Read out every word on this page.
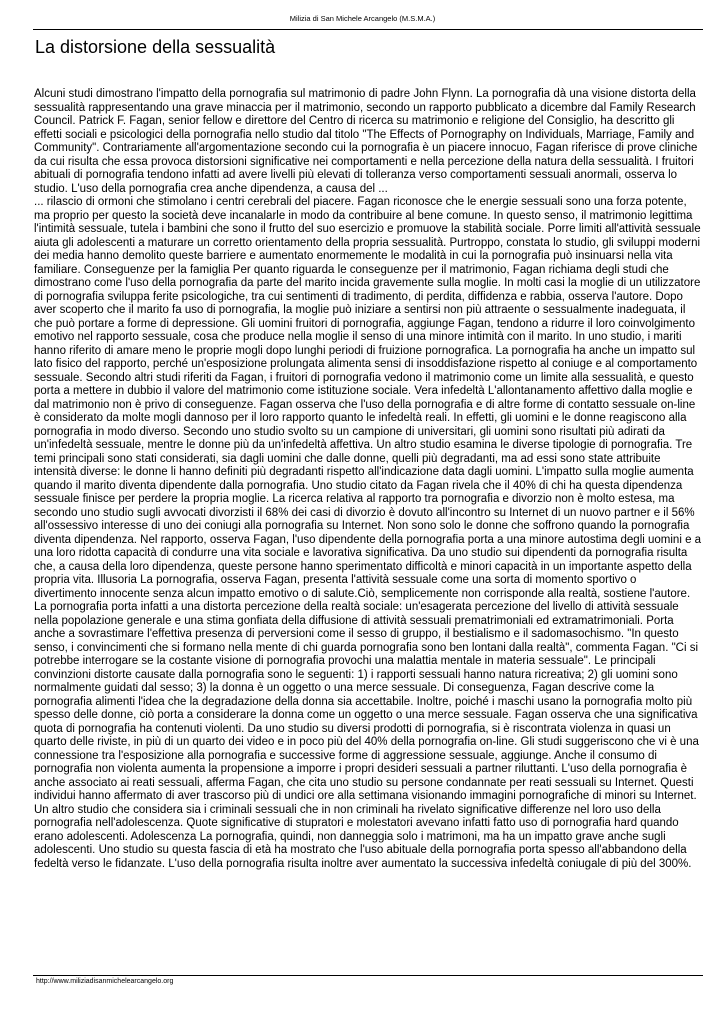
Milizia di San Michele Arcangelo (M.S.M.A.)
La distorsione della sessualità

Alcuni studi dimostrano l'impatto della pornografia sul matrimonio di padre John Flynn. La pornografia dà una visione distorta della sessualità rappresentando una grave minaccia per il matrimonio, secondo un rapporto pubblicato a dicembre dal Family Research Council. Patrick F. Fagan, senior fellow e direttore del Centro di ricerca su matrimonio e religione del Consiglio, ha descritto gli effetti sociali e psicologici della pornografia nello studio dal titolo "The Effects of Pornography on Individuals, Marriage, Family and Community". Contrariamente all'argomentazione secondo cui la pornografia è un piacere innocuo, Fagan riferisce di prove cliniche da cui risulta che essa provoca distorsioni significative nei comportamenti e nella percezione della natura della sessualità. I fruitori abituali di pornografia tendono infatti ad avere livelli più elevati di tolleranza verso comportamenti sessuali anormali, osserva lo studio. L'uso della pornografia crea anche dipendenza, a causa del ...

... rilascio di ormoni che stimolano i centri cerebrali del piacere. Fagan riconosce che le energie sessuali sono una forza potente, ma proprio per questo la società deve incanalarle in modo da contribuire al bene comune. In questo senso, il matrimonio legittima l'intimità sessuale, tutela i bambini che sono il frutto del suo esercizio e promuove la stabilità sociale. Porre limiti all'attività sessuale aiuta gli adolescenti a maturare un corretto orientamento della propria sessualità. Purtroppo, constata lo studio, gli sviluppi moderni dei media hanno demolito queste barriere e aumentato enormemente le modalità in cui la pornografia può insinuarsi nella vita familiare. Conseguenze per la famiglia Per quanto riguarda le conseguenze per il matrimonio, Fagan richiama degli studi che dimostrano come l'uso della pornografia da parte del marito incida gravemente sulla moglie. In molti casi la moglie di un utilizzatore di pornografia sviluppa ferite psicologiche, tra cui sentimenti di tradimento, di perdita, diffidenza e rabbia, osserva l'autore. Dopo aver scoperto che il marito fa uso di pornografia, la moglie può iniziare a sentirsi non più attraente o sessualmente inadeguata, il che può portare a forme di depressione. Gli uomini fruitori di pornografia, aggiunge Fagan, tendono a ridurre il loro coinvolgimento emotivo nel rapporto sessuale, cosa che produce nella moglie il senso di una minore intimità con il marito. In uno studio, i mariti hanno riferito di amare meno le proprie mogli dopo lunghi periodi di fruizione pornografica. La pornografia ha anche un impatto sul lato fisico del rapporto, perché un'esposizione prolungata alimenta sensi di insoddisfazione rispetto al coniuge e al comportamento sessuale. Secondo altri studi riferiti da Fagan, i fruitori di pornografia vedono il matrimonio come un limite alla sessualità, e questo porta a mettere in dubbio il valore del matrimonio come istituzione sociale. Vera infedeltà L'allontanamento affettivo dalla moglie e dal matrimonio non è privo di conseguenze. Fagan osserva che l'uso della pornografia e di altre forme di contatto sessuale on-line è considerato da molte mogli dannoso per il loro rapporto quanto le infedeltà reali. In effetti, gli uomini e le donne reagiscono alla pornografia in modo diverso. Secondo uno studio svolto su un campione di universitari, gli uomini sono risultati più adirati da un'infedeltà sessuale, mentre le donne più da un'infedeltà affettiva. Un altro studio esamina le diverse tipologie di pornografia. Tre temi principali sono stati considerati, sia dagli uomini che dalle donne, quelli più degradanti, ma ad essi sono state attribuite intensità diverse: le donne li hanno definiti più degradanti rispetto all'indicazione data dagli uomini. L'impatto sulla moglie aumenta quando il marito diventa dipendente dalla pornografia. Uno studio citato da Fagan rivela che il 40% di chi ha questa dipendenza sessuale finisce per perdere la propria moglie. La ricerca relativa al rapporto tra pornografia e divorzio non è molto estesa, ma secondo uno studio sugli avvocati divorzisti il 68% dei casi di divorzio è dovuto all'incontro su Internet di un nuovo partner e il 56% all'ossessivo interesse di uno dei coniugi alla pornografia su Internet. Non sono solo le donne che soffrono quando la pornografia diventa dipendenza. Nel rapporto, osserva Fagan, l'uso dipendente della pornografia porta a una minore autostima degli uomini e a una loro ridotta capacità di condurre una vita sociale e lavorativa significativa. Da uno studio sui dipendenti da pornografia risulta che, a causa della loro dipendenza, queste persone hanno sperimentato difficoltà e minori capacità in un importante aspetto della propria vita. Illusoria La pornografia, osserva Fagan, presenta l'attività sessuale come una sorta di momento sportivo o divertimento innocente senza alcun impatto emotivo o di salute.Ciò, semplicemente non corrisponde alla realtà, sostiene l'autore. La pornografia porta infatti a una distorta percezione della realtà sociale: un'esagerata percezione del livello di attività sessuale nella popolazione generale e una stima gonfiata della diffusione di attività sessuali prematrimoniali ed extramatrimoniali. Porta anche a sovrastimare l'effettiva presenza di perversioni come il sesso di gruppo, il bestialismo e il sadomasochismo. "In questo senso, i convincimenti che si formano nella mente di chi guarda pornografia sono ben lontani dalla realtà", commenta Fagan. "Ci si potrebbe interrogare se la costante visione di pornografia provochi una malattia mentale in materia sessuale". Le principali convinzioni distorte causate dalla pornografia sono le seguenti: 1) i rapporti sessuali hanno natura ricreativa; 2) gli uomini sono normalmente guidati dal sesso; 3) la donna è un oggetto o una merce sessuale. Di conseguenza, Fagan descrive come la pornografia alimenti l'idea che la degradazione della donna sia accettabile. Inoltre, poiché i maschi usano la pornografia molto più spesso delle donne, ciò porta a considerare la donna come un oggetto o una merce sessuale. Fagan osserva che una significativa quota di pornografia ha contenuti violenti. Da uno studio su diversi prodotti di pornografia, si è riscontrata violenza in quasi un quarto delle riviste, in più di un quarto dei video e in poco più del 40% della pornografia on-line. Gli studi suggeriscono che vi è una connessione tra l'esposizione alla pornografia e successive forme di aggressione sessuale, aggiunge. Anche il consumo di pornografia non violenta aumenta la propensione a imporre i propri desideri sessuali a partner riluttanti. L'uso della pornografia è anche associato ai reati sessuali, afferma Fagan, che cita uno studio su persone condannate per reati sessuali su Internet. Questi individui hanno affermato di aver trascorso più di undici ore alla settimana visionando immagini pornografiche di minori su Internet. Un altro studio che considera sia i criminali sessuali che in non criminali ha rivelato significative differenze nel loro uso della pornografia nell'adolescenza. Quote significative di stupratori e molestatori avevano infatti fatto uso di pornografia hard quando erano adolescenti. Adolescenza La pornografia, quindi, non danneggia solo i matrimoni, ma ha un impatto grave anche sugli adolescenti. Uno studio su questa fascia di età ha mostrato che l'uso abituale della pornografia porta spesso all'abbandono della fedeltà verso le fidanzate. L'uso della pornografia risulta inoltre aver aumentato la successiva infedeltà coniugale di più del 300%.

http://www.miliziadisanmichelearcangelo.org
